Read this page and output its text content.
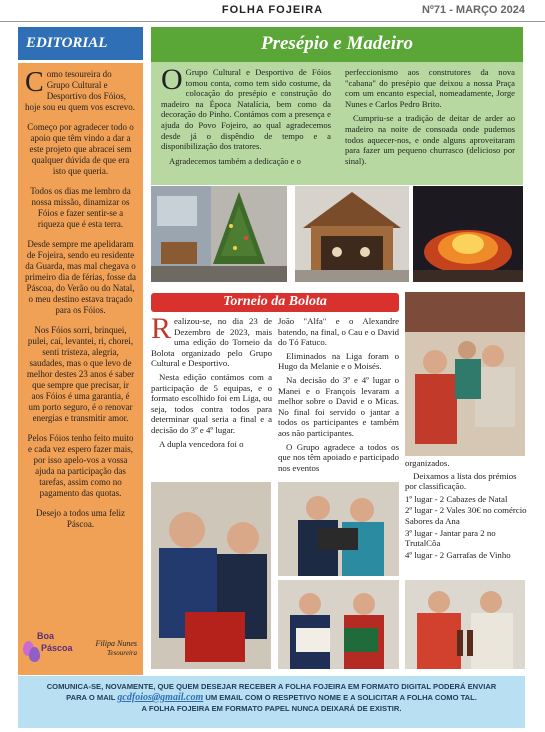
FOLHA FOJEIRA	Nº71 - MARÇO 2024
EDITORIAL

Como tesoureira do Grupo Cultural e Desportivo dos Fóios, hoje sou eu quem vos escrevo.

Começo por agradecer todo o apoio que têm vindo a dar a este projeto que abracei sem qualquer dúvida de que era isto que queria.

Todos os dias me lembro da nossa missão, dinamizar os Fóios e fazer sentir-se a riqueza que é esta terra.

Desde sempre me apelidaram de Fojeira, sendo eu residente da Guarda, mas mal chegava o primeiro dia de férias, fosse da Páscoa, do Verão ou do Natal, o meu destino estava traçado para os Fóios.

Nos Fóios sorri, brinquei, pulei, caí, levantei, ri, chorei, senti tristeza, alegria, saudades, mas o que levo de melhor destes 23 anos é saber que sempre que precisar, ir aos Fóios é uma garantia, é um porto seguro, é o renovar energias e transmitir amor.

Pelos Fóios tenho feito muito e cada vez espero fazer mais, por isso apelo-vos a vossa ajuda na participação das tarefas, assim como no pagamento das quotas.

Desejo a todos uma feliz Páscoa.

Boa
Páscoa	Filipa Nunes
Tesoureira
Presépio e Madeiro

O Grupo Cultural e Desportivo de Fóios tomou conta, como tem sido costume, da colocação do presépio e construção do madeiro na Época Natalícia, bem como da decoração do Pinho. Contámos com a presença e ajuda do Povo Fojeiro, ao qual agradecemos desde já o dispêndio de tempo e a disponibilização dos tratores.

Agradecemos também a dedicação e o

perfeccionismo aos construtores da nova "cabana" do presépio que deixou a nossa Praça com um encanto especial, nomeadamente, Jorge Nunes e Carlos Pedro Brito.

Cumpriu-se a tradição de deitar de arder ao madeiro na noite de consoada onde pudemos todos aquecer-nos, e onde alguns aproveitaram para fazer um pequeno churrasco (delicioso por sinal).

Torneio da Bolota

Realizou-se, no dia 23 de Dezembro de 2023, mais uma edição do Torneio da Bolota organizado pelo Grupo Cultural e Desportivo.

Nesta edição contámos com a participação de 5 equipas, e o formato escolhido foi em Liga, ou seja, todos contra todos para determinar qual seria a final e a decisão do 3º e 4º lugar.

A dupla vencedora foi o

João "Alfa" e o Alexandre batendo, na final, o Cau e o David do Tó Fatuco.

Eliminados na Liga foram o Hugo da Melanie e o Moisés.

Na decisão do 3º e 4º lugar o Manei e o François levaram a melhor sobre o David e o Micas. No final foi servido o jantar a todos os participantes e também aos não participantes.

O Grupo agradece a todos os que nos têm apoiado e participado nos eventos	organizados.

Deixamos a lista dos prémios por classificação.

1º lugar - 2 Cabazes de Natal
2º lugar - 2 Vales 30€ no comércio Sabores da Ana
3º lugar - Jantar para 2 no TrutalCôa
4º lugar - 2 Garrafas de Vinho
COMUNICA-SE, NOVAMENTE, QUE QUEM DESEJAR RECEBER A FOLHA FOJEIRA EM FORMATO DIGITAL PODERÁ ENVIAR
PARA O MAIL gcdfoios@gmail.com UM EMAIL COM O RESPETIVO NOME E A SOLICITAR A FOLHA COMO TAL.
A FOLHA FOJEIRA EM FORMATO PAPEL NUNCA DEIXARÁ DE EXISTIR.
